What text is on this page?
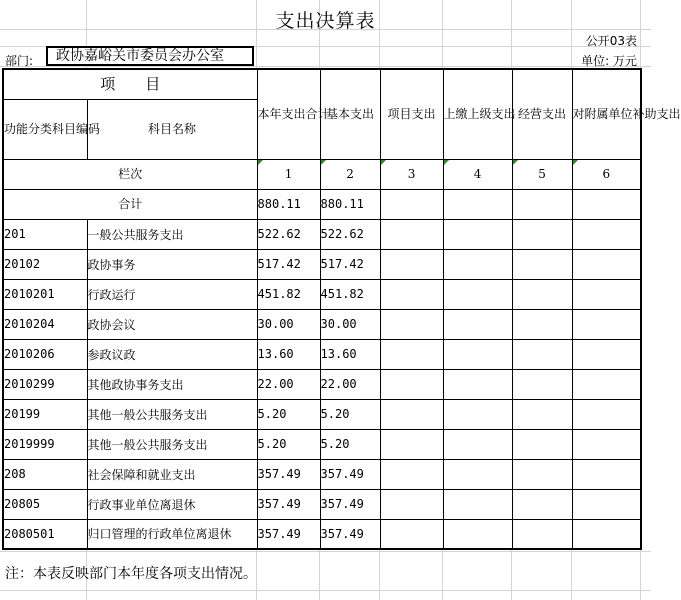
支出决算表
公开03表
部门:	政协嘉峪关市委员会办公室	单位: 万元
项　　目		本年支出合计	基本支出	项目支出	上缴上级支出	经营支出	对附属单位补助支出
功能分类科目编码	科目名称						
栏次		1	2	3	4	5	6
合计		880.11	880.11				
201	一般公共服务支出	522.62	522.62				
20102	政协事务	517.42	517.42				
2010201	行政运行	451.82	451.82				
2010204	政协会议	30.00	30.00				
2010206	参政议政	13.60	13.60				
2010299	其他政协事务支出	22.00	22.00				
20199	其他一般公共服务支出	5.20	5.20				
2019999	其他一般公共服务支出	5.20	5.20				
208	社会保障和就业支出	357.49	357.49				
20805	行政事业单位离退休	357.49	357.49				
2080501	归口管理的行政单位离退休	357.49	357.49				
注：本表反映部门本年度各项支出情况。
